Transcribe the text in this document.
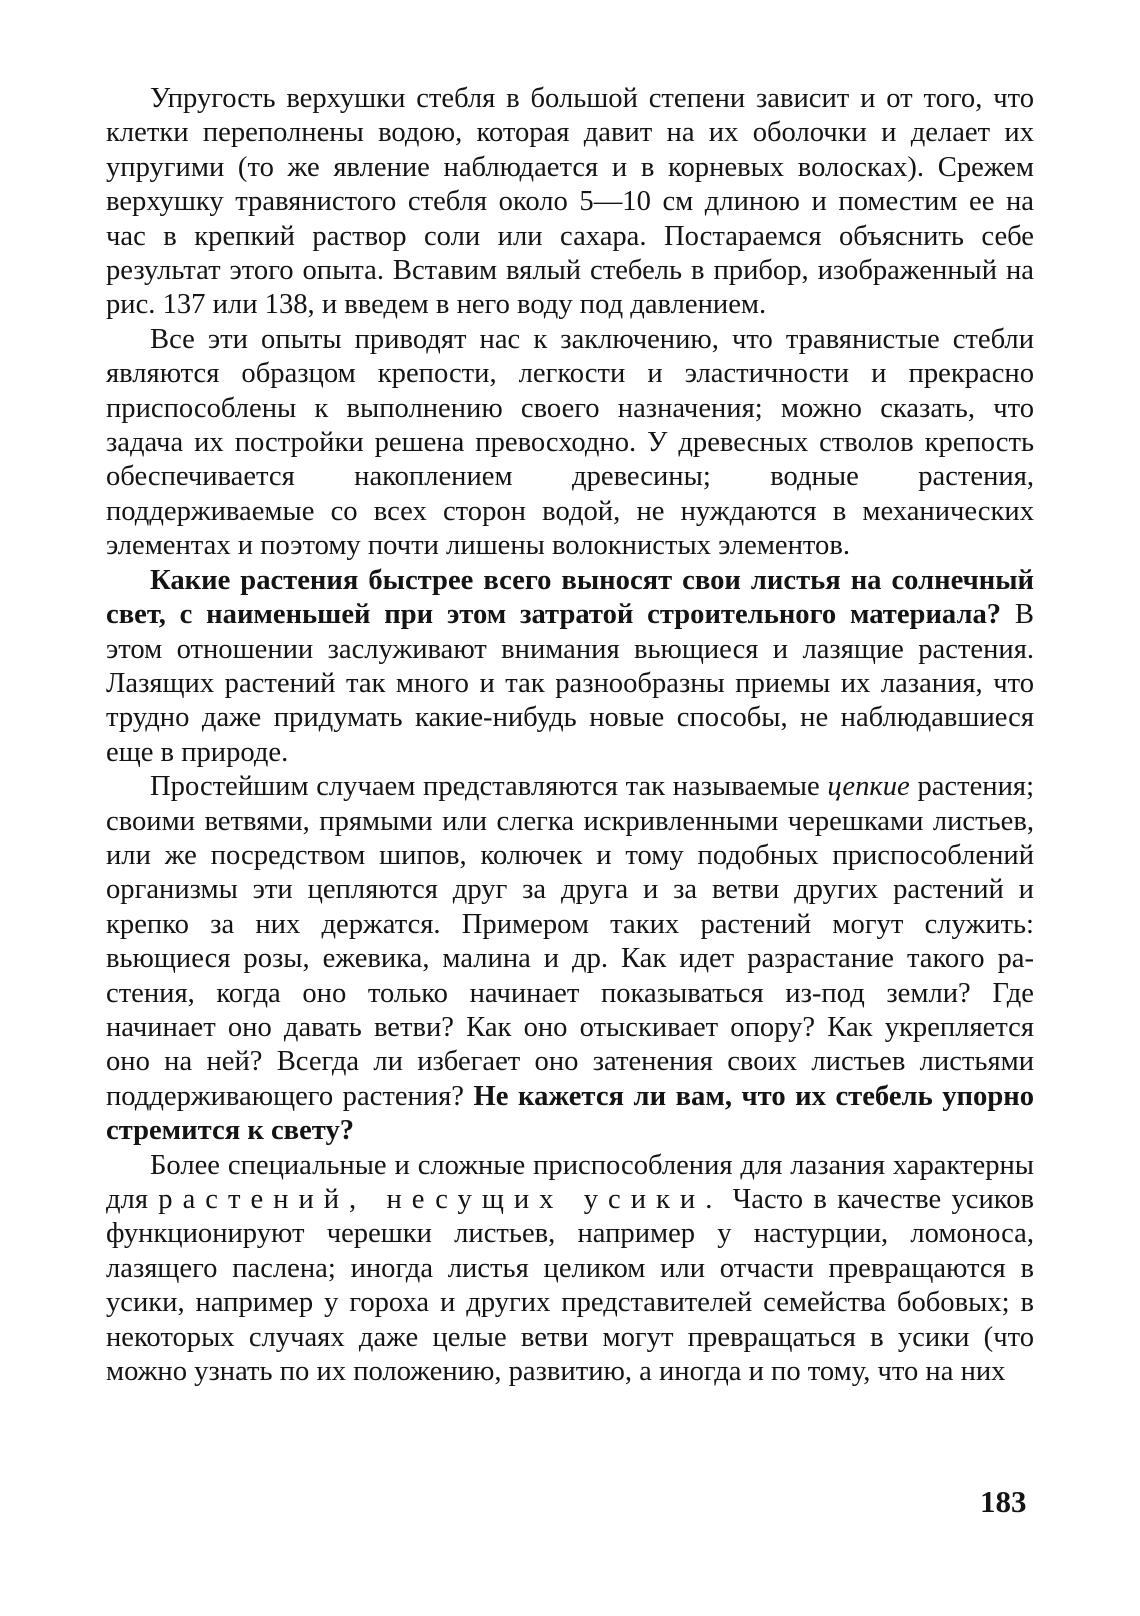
Упругость верхушки стебля в большой степени зависит и от того, что клетки переполнены водою, которая давит на их оболочки и делает их упругими (то же явление наблюдается и в корневых волосках). Срежем верхушку травянистого стебля около 5—10 см длиною и поместим ее на час в крепкий раствор соли или сахара. Постараемся объяснить себе результат этого опыта. Вставим вялый стебель в прибор, изображенный на рис. 137 или 138, и введем в него воду под давлением.

Все эти опыты приводят нас к заключению, что травянистые стебли являются образцом крепости, легкости и эластичности и прекрасно приспособлены к выполнению своего назначения; можно сказать, что задача их постройки решена превосходно. У древесных стволов крепость обеспечивается накоплением древесины; водные растения, поддерживаемые со всех сторон водой, не нуждаются в механических элементах и поэтому почти лишены волокнистых элементов.

Какие растения быстрее всего выносят свои листья на солнечный свет, с наименьшей при этом затратой строительного материала? В этом отношении заслуживают внимания вьющиеся и лазящие растения. Лазящих растений так много и так разнообразны приемы их лазания, что трудно даже придумать какие-нибудь новые способы, не наблюдавшиеся еще в природе.

Простейшим случаем представляются так называемые цепкие растения; своими ветвями, прямыми или слегка искривленными черешками листьев, или же посредством шипов, колючек и тому подобных приспособлений организмы эти цепляются друг за друга и за ветви других растений и крепко за них держатся. Примером таких растений могут служить: вьющиеся розы, ежевика, малина и др. Как идет разрастание такого растения, когда оно только начинает показываться из-под земли? Где начинает оно давать ветви? Как оно отыскивает опору? Как укрепляется оно на ней? Всегда ли избегает оно затенения своих листьев листьями поддерживающего растения? Не кажется ли вам, что их стебель упорно стремится к свету?

Более специальные и сложные приспособления для лазания характерны для растений, несущих усики. Часто в качестве усиков функционируют черешки листьев, например у настурции, ломоноса, лазящего паслена; иногда листья целиком или отчасти превращаются в усики, например у гороха и других представителей семейства бобовых; в некоторых случаях даже целые ветви могут превращаться в усики (что можно узнать по их положению, развитию, а иногда и по тому, что на них

183
